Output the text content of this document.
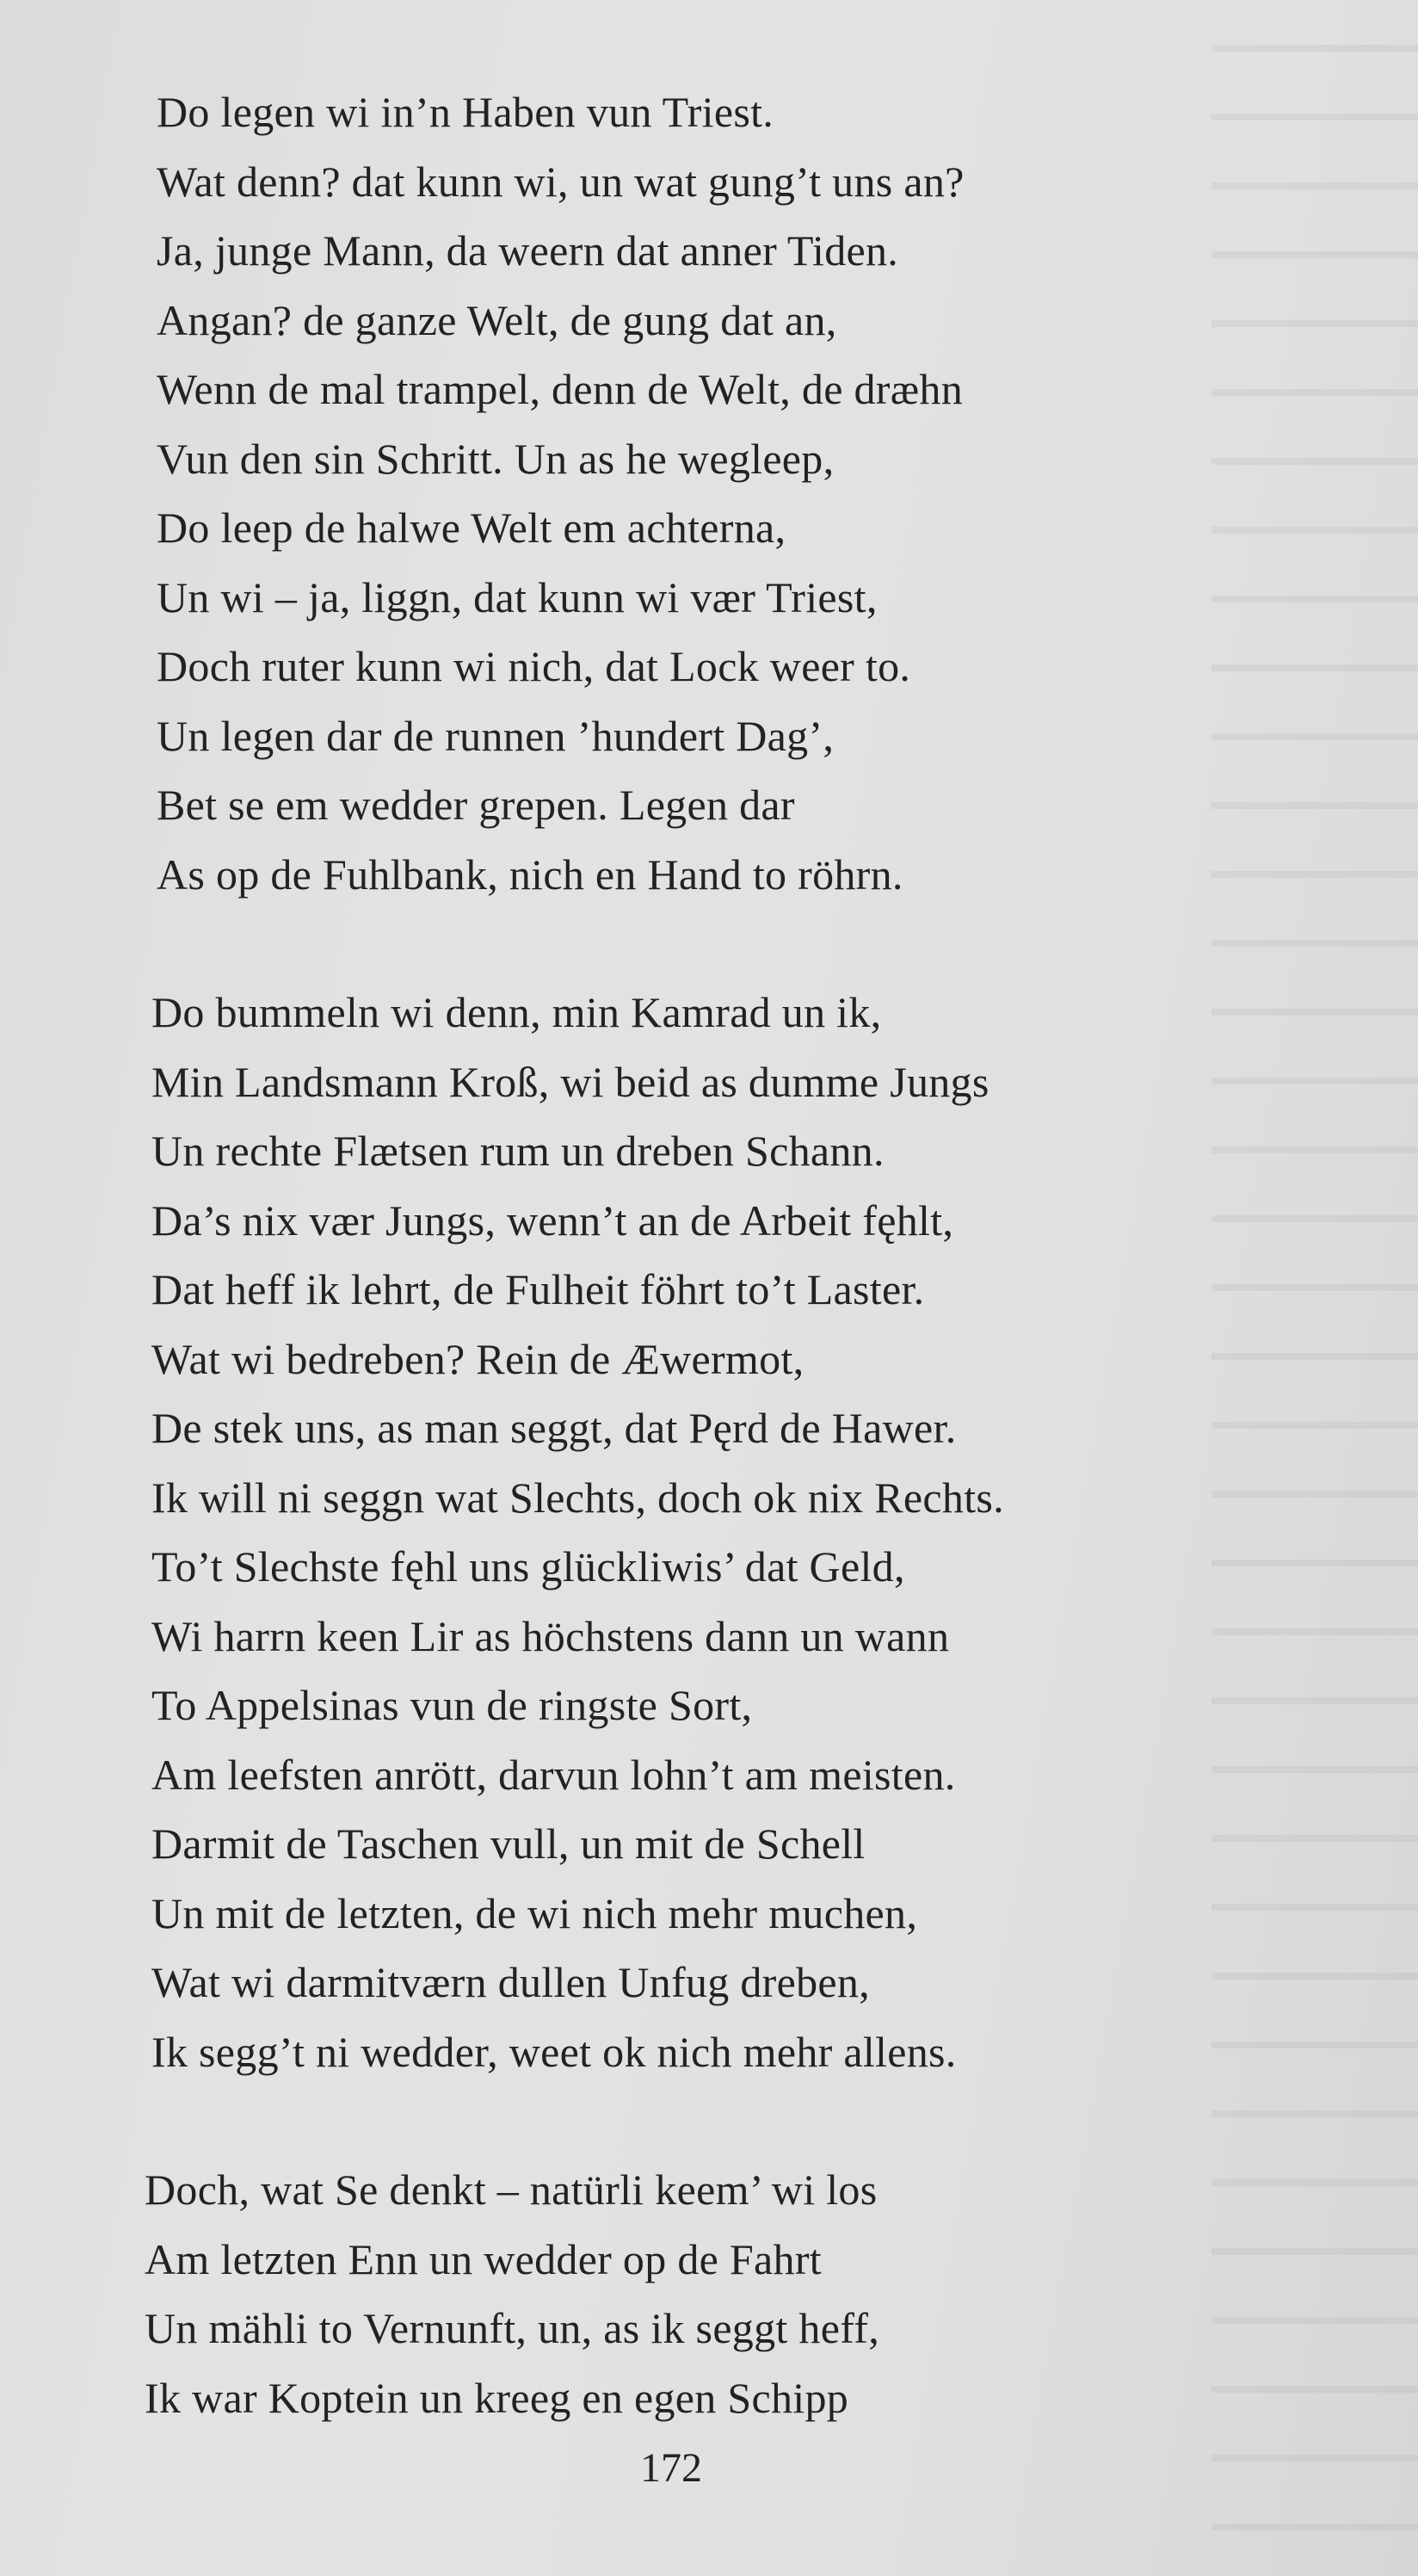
Do legen wi in’n Haben vun Triest.
Wat denn? dat kunn wi, un wat gung’t uns an?
Ja, junge Mann, da weern dat anner Tiden.
Angan? de ganze Welt, de gung dat an,
Wenn de mal trampel, denn de Welt, de dræhn
Vun den sin Schritt. Un as he wegleep,
Do leep de halwe Welt em achterna,
Un wi – ja, liggn, dat kunn wi vær Triest,
Doch ruter kunn wi nich, dat Lock weer to.
Un legen dar de runnen ’hundert Dag’,
Bet se em wedder grepen. Legen dar
As op de Fuhlbank, nich en Hand to röhrn.
Do bummeln wi denn, min Kamrad un ik,
Min Landsmann Kroß, wi beid as dumme Jungs
Un rechte Flætsen rum un dreben Schann.
Da’s nix vær Jungs, wenn’t an de Arbeit fęhlt,
Dat heff ik lehrt, de Fulheit föhrt to’t Laster.
Wat wi bedreben? Rein de Æwermot,
De stek uns, as man seggt, dat Pęrd de Hawer.
Ik will ni seggn wat Slechts, doch ok nix Rechts.
To’t Slechste fęhl uns glückliwis’ dat Geld,
Wi harrn keen Lir as höchstens dann un wann
To Appelsinas vun de ringste Sort,
Am leefsten anrött, darvun lohn’t am meisten.
Darmit de Taschen vull, un mit de Schell
Un mit de letzten, de wi nich mehr muchen,
Wat wi darmitværn dullen Unfug dreben,
Ik segg’t ni wedder, weet ok nich mehr allens.
Doch, wat Se denkt – natürli keem’ wi los
Am letzten Enn un wedder op de Fahrt
Un mähli to Vernunft, un, as ik seggt heff,
Ik war Koptein un kreeg en egen Schipp
172
